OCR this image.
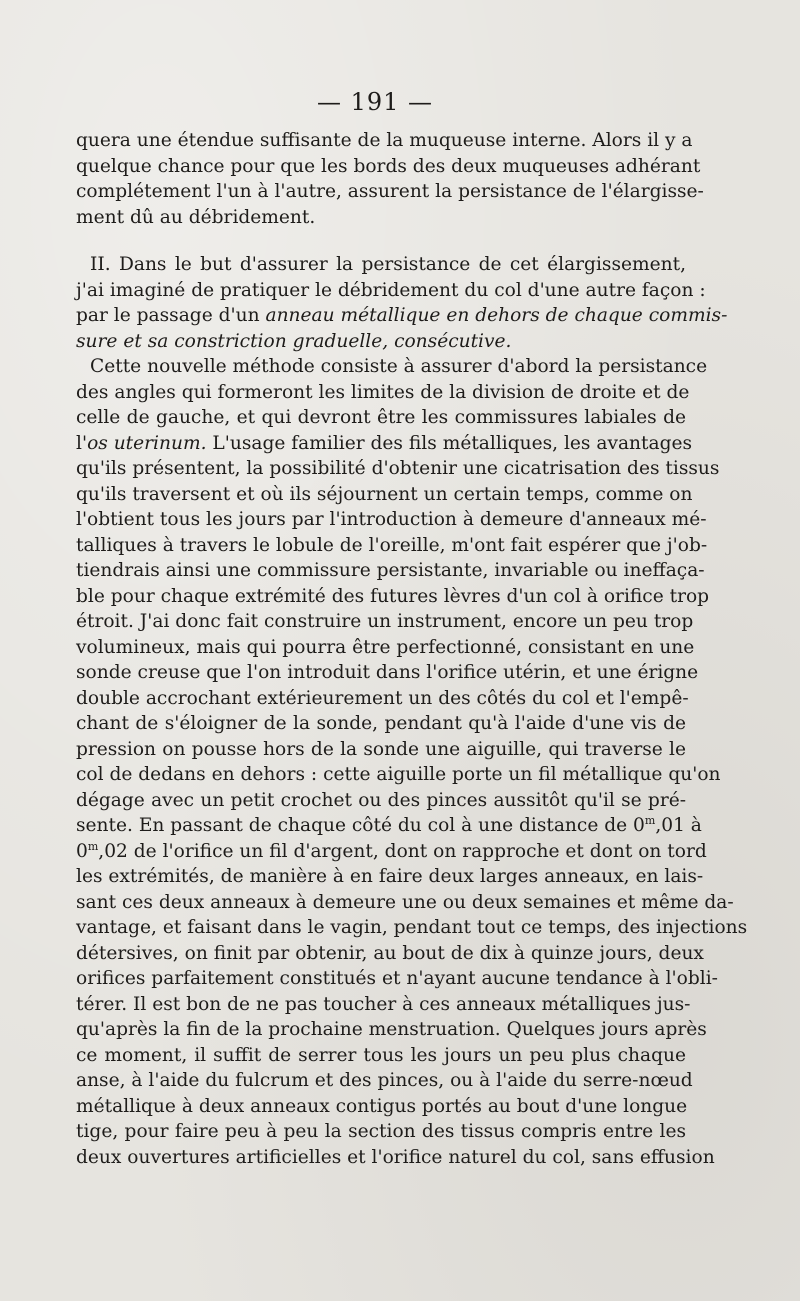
— 191 —
quera une étendue suffisante de la muqueuse interne. Alors il y a
quelque chance pour que les bords des deux muqueuses adhérant
complétement l'un à l'autre, assurent la persistance de l'élargisse-
ment dû au débridement.
II. Dans le but d'assurer la persistance de cet élargissement,
j'ai imaginé de pratiquer le débridement du col d'une autre façon :
par le passage d'un anneau métallique en dehors de chaque commis-
sure et sa constriction graduelle, consécutive.
Cette nouvelle méthode consiste à assurer d'abord la persistance
des angles qui formeront les limites de la division de droite et de
celle de gauche, et qui devront être les commissures labiales de
l'os uterinum. L'usage familier des fils métalliques, les avantages
qu'ils présentent, la possibilité d'obtenir une cicatrisation des tissus
qu'ils traversent et où ils séjournent un certain temps, comme on
l'obtient tous les jours par l'introduction à demeure d'anneaux mé-
talliques à travers le lobule de l'oreille, m'ont fait espérer que j'ob-
tiendrais ainsi une commissure persistante, invariable ou ineffaça-
ble pour chaque extrémité des futures lèvres d'un col à orifice trop
étroit. J'ai donc fait construire un instrument, encore un peu trop
volumineux, mais qui pourra être perfectionné, consistant en une
sonde creuse que l'on introduit dans l'orifice utérin, et une érigne
double accrochant extérieurement un des côtés du col et l'empê-
chant de s'éloigner de la sonde, pendant qu'à l'aide d'une vis de
pression on pousse hors de la sonde une aiguille, qui traverse le
col de dedans en dehors : cette aiguille porte un fil métallique qu'on
dégage avec un petit crochet ou des pinces aussitôt qu'il se pré-
sente. En passant de chaque côté du col à une distance de 0$^m$,01 à
0$^m$,02 de l'orifice un fil d'argent, dont on rapproche et dont on tord
les extrémités, de manière à en faire deux larges anneaux, en lais-
sant ces deux anneaux à demeure une ou deux semaines et même da-
vantage, et faisant dans le vagin, pendant tout ce temps, des injections
détersives, on finit par obtenir, au bout de dix à quinze jours, deux
orifices parfaitement constitués et n'ayant aucune tendance à l'obli-
térer. Il est bon de ne pas toucher à ces anneaux métalliques jus-
qu'après la fin de la prochaine menstruation. Quelques jours après
ce moment, il suffit de serrer tous les jours un peu plus chaque
anse, à l'aide du fulcrum et des pinces, ou à l'aide du serre-nœud
métallique à deux anneaux contigus portés au bout d'une longue
tige, pour faire peu à peu la section des tissus compris entre les
deux ouvertures artificielles et l'orifice naturel du col, sans effusion
